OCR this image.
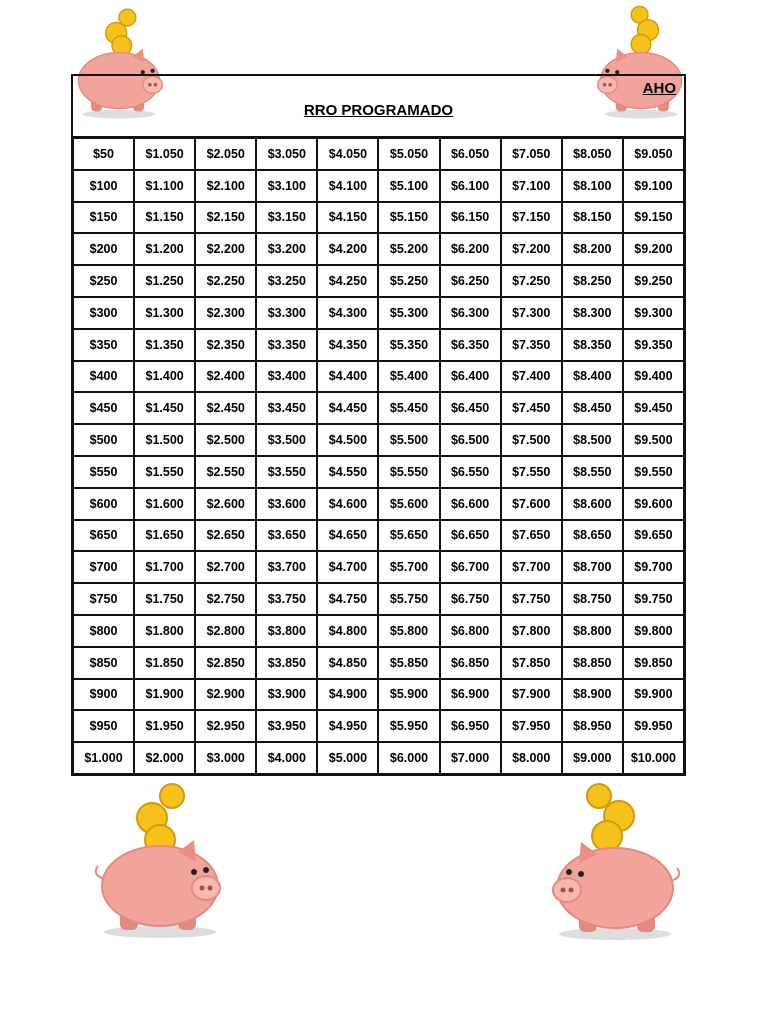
AHO
RRO PROGRAMADO
$50	$1.050	$2.050	$3.050	$4.050	$5.050	$6.050	$7.050	$8.050	$9.050
$100	$1.100	$2.100	$3.100	$4.100	$5.100	$6.100	$7.100	$8.100	$9.100
$150	$1.150	$2.150	$3.150	$4.150	$5.150	$6.150	$7.150	$8.150	$9.150
$200	$1.200	$2.200	$3.200	$4.200	$5.200	$6.200	$7.200	$8.200	$9.200
$250	$1.250	$2.250	$3.250	$4.250	$5.250	$6.250	$7.250	$8.250	$9.250
$300	$1.300	$2.300	$3.300	$4.300	$5.300	$6.300	$7.300	$8.300	$9.300
$350	$1.350	$2.350	$3.350	$4.350	$5.350	$6.350	$7.350	$8.350	$9.350
$400	$1.400	$2.400	$3.400	$4.400	$5.400	$6.400	$7.400	$8.400	$9.400
$450	$1.450	$2.450	$3.450	$4.450	$5.450	$6.450	$7.450	$8.450	$9.450
$500	$1.500	$2.500	$3.500	$4.500	$5.500	$6.500	$7.500	$8.500	$9.500
$550	$1.550	$2.550	$3.550	$4.550	$5.550	$6.550	$7.550	$8.550	$9.550
$600	$1.600	$2.600	$3.600	$4.600	$5.600	$6.600	$7.600	$8.600	$9.600
$650	$1.650	$2.650	$3.650	$4.650	$5.650	$6.650	$7.650	$8.650	$9.650
$700	$1.700	$2.700	$3.700	$4.700	$5.700	$6.700	$7.700	$8.700	$9.700
$750	$1.750	$2.750	$3.750	$4.750	$5.750	$6.750	$7.750	$8.750	$9.750
$800	$1.800	$2.800	$3.800	$4.800	$5.800	$6.800	$7.800	$8.800	$9.800
$850	$1.850	$2.850	$3.850	$4.850	$5.850	$6.850	$7.850	$8.850	$9.850
$900	$1.900	$2.900	$3.900	$4.900	$5.900	$6.900	$7.900	$8.900	$9.900
$950	$1.950	$2.950	$3.950	$4.950	$5.950	$6.950	$7.950	$8.950	$9.950
$1.000	$2.000	$3.000	$4.000	$5.000	$6.000	$7.000	$8.000	$9.000	$10.000
